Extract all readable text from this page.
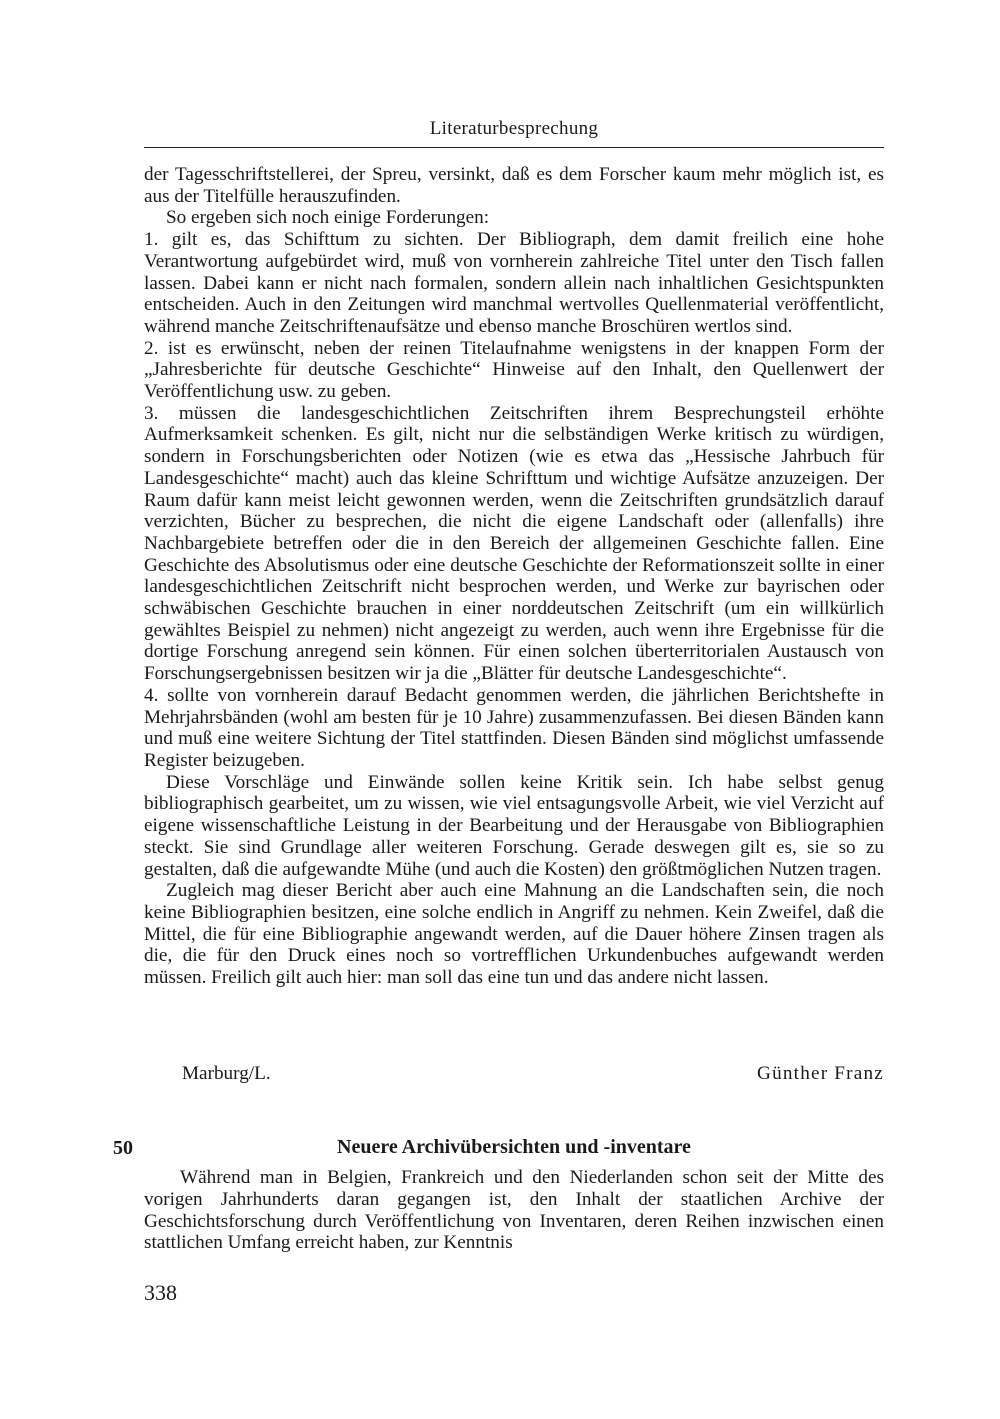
Literaturbesprechung

der Tagesschriftstellerei, der Spreu, versinkt, daß es dem Forscher kaum mehr möglich ist, es aus der Titelfülle herauszufinden.

So ergeben sich noch einige Forderungen:

1. gilt es, das Schifttum zu sichten. Der Bibliograph, dem damit freilich eine hohe Verantwortung aufgebürdet wird, muß von vornherein zahlreiche Titel unter den Tisch fallen lassen. Dabei kann er nicht nach formalen, sondern allein nach inhaltlichen Gesichtspunkten entscheiden. Auch in den Zeitungen wird manchmal wertvolles Quellenmaterial veröffentlicht, während manche Zeitschriftenaufsätze und ebenso manche Broschüren wertlos sind.

2. ist es erwünscht, neben der reinen Titelaufnahme wenigstens in der knappen Form der „Jahresberichte für deutsche Geschichte“ Hinweise auf den Inhalt, den Quellenwert der Veröffentlichung usw. zu geben.

3. müssen die landesgeschichtlichen Zeitschriften ihrem Besprechungsteil erhöhte Aufmerksamkeit schenken. Es gilt, nicht nur die selbständigen Werke kritisch zu würdigen, sondern in Forschungsberichten oder Notizen (wie es etwa das „Hessische Jahrbuch für Landesgeschichte“ macht) auch das kleine Schrifttum und wichtige Aufsätze anzuzeigen. Der Raum dafür kann meist leicht gewonnen werden, wenn die Zeitschriften grundsätzlich darauf verzichten, Bücher zu besprechen, die nicht die eigene Landschaft oder (allenfalls) ihre Nachbargebiete betreffen oder die in den Bereich der allgemeinen Geschichte fallen. Eine Geschichte des Absolutismus oder eine deutsche Geschichte der Reformationszeit sollte in einer landesgeschichtlichen Zeitschrift nicht besprochen werden, und Werke zur bayrischen oder schwäbischen Geschichte brauchen in einer norddeutschen Zeitschrift (um ein willkürlich gewähltes Beispiel zu nehmen) nicht angezeigt zu werden, auch wenn ihre Ergebnisse für die dortige Forschung anregend sein können. Für einen solchen überterritorialen Austausch von Forschungsergebnissen besitzen wir ja die „Blätter für deutsche Landesgeschichte“.

4. sollte von vornherein darauf Bedacht genommen werden, die jährlichen Berichtshefte in Mehrjahrsbänden (wohl am besten für je 10 Jahre) zusammenzufassen. Bei diesen Bänden kann und muß eine weitere Sichtung der Titel stattfinden. Diesen Bänden sind möglichst umfassende Register beizugeben.

Diese Vorschläge und Einwände sollen keine Kritik sein. Ich habe selbst genug bibliographisch gearbeitet, um zu wissen, wie viel entsagungsvolle Arbeit, wie viel Verzicht auf eigene wissenschaftliche Leistung in der Bearbeitung und der Herausgabe von Bibliographien steckt. Sie sind Grundlage aller weiteren Forschung. Gerade deswegen gilt es, sie so zu gestalten, daß die aufgewandte Mühe (und auch die Kosten) den größtmöglichen Nutzen tragen.

Zugleich mag dieser Bericht aber auch eine Mahnung an die Landschaften sein, die noch keine Bibliographien besitzen, eine solche endlich in Angriff zu nehmen. Kein Zweifel, daß die Mittel, die für eine Bibliographie angewandt werden, auf die Dauer höhere Zinsen tragen als die, die für den Druck eines noch so vortrefflichen Urkundenbuches aufgewandt werden müssen. Freilich gilt auch hier: man soll das eine tun und das andere nicht lassen.

Marburg/L.	Günther Franz
50	Neuere Archivübersichten und -inventare

Während man in Belgien, Frankreich und den Niederlanden schon seit der Mitte des vorigen Jahrhunderts daran gegangen ist, den Inhalt der staatlichen Archive der Geschichtsforschung durch Veröffentlichung von Inventaren, deren Reihen inzwischen einen stattlichen Umfang erreicht haben, zur Kenntnis

338
